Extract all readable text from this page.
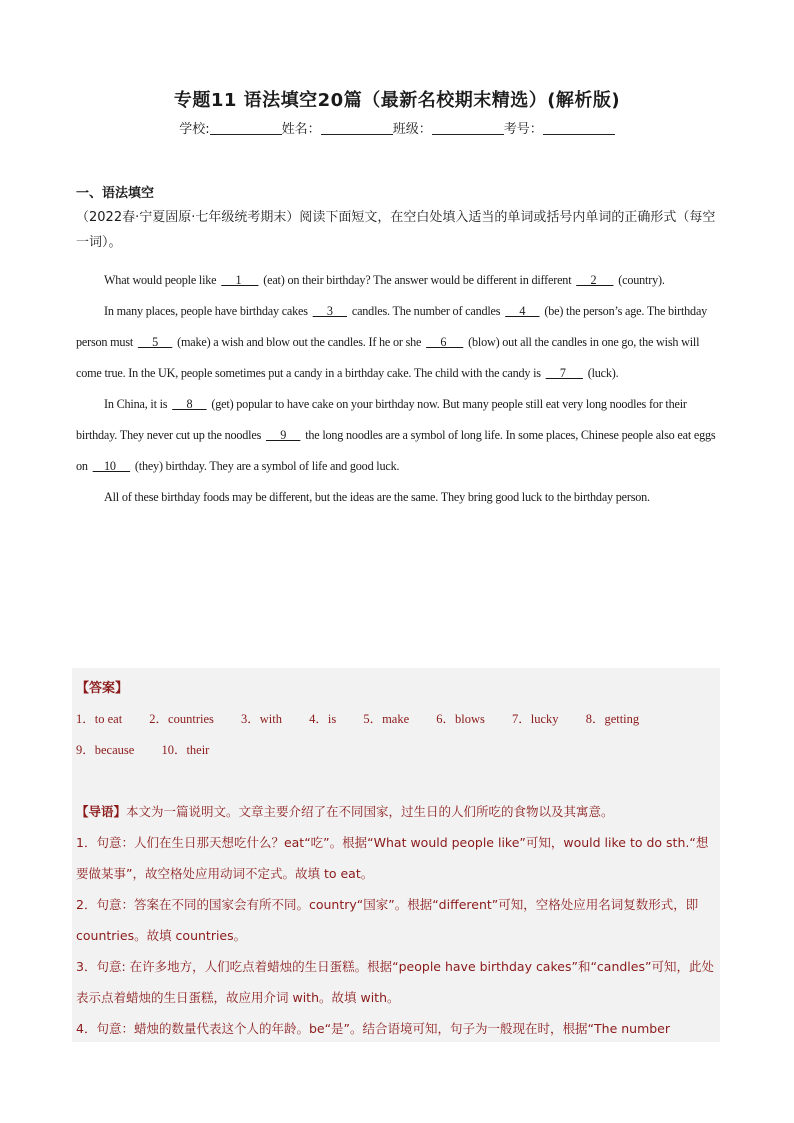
专题11 语法填空20篇（最新名校期末精选）(解析版)
学校:	姓名：	班级：	考号：
一、语法填空
（2022春·宁夏固原·七年级统考期末）阅读下面短文，在空白处填入适当的单词或括号内单词的正确形式（每空一词）。

What would people like      1       (eat) on their birthday? The answer would be different in different      2       (country).

In many places, people have birthday cakes      3      candles. The number of candles      4      (be) the person’s age. The birthday person must      5      (make) a wish and blow out the candles. If he or she      6       (blow) out all the candles in one go, the wish will come true. In the UK, people sometimes put a candy in a birthday cake. The child with the candy is      7       (luck).

In China, it is      8      (get) popular to have cake on your birthday now. But many people still eat very long noodles for their birthday. They never cut up the noodles      9      the long noodles are a symbol of long life. In some places, Chinese people also eat eggs on     10      (they) birthday. They are a symbol of life and good luck.

All of these birthday foods may be different, but the ideas are the same. They bring good luck to the birthday person.

【答案】
1．to eat 2．countries 3．with 4．is 5．make 6．blows 7．lucky 8．getting
9．because 10．their

【导语】本文为一篇说明文。文章主要介绍了在不同国家，过生日的人们所吃的食物以及其寓意。

1．句意：人们在生日那天想吃什么？eat“吃”。根据“What would people like”可知，would like to do sth.“想要做某事”，故空格处应用动词不定式。故填 to eat。

2．句意：答案在不同的国家会有所不同。country“国家”。根据“different”可知，空格处应用名词复数形式，即 countries。故填 countries。

3．句意: 在许多地方，人们吃点着蜡烛的生日蛋糕。根据“people have birthday cakes”和“candles”可知，此处表示点着蜡烛的生日蛋糕，故应用介词 with。故填 with。

4．句意：蜡烛的数量代表这个人的年龄。be“是”。结合语境可知，句子为一般现在时，根据“The number
